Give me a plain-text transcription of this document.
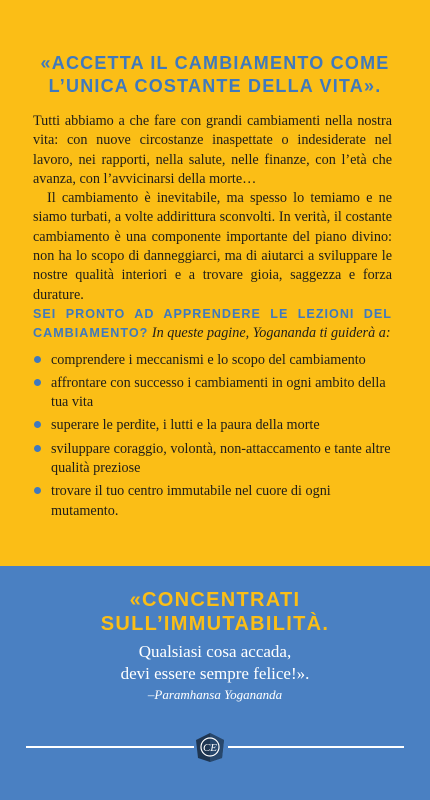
«ACCETTA IL CAMBIAMENTO COME
L’UNICA COSTANTE DELLA VITA».

Tutti abbiamo a che fare con grandi cambiamenti nella nostra vita: con nuove circostanze inaspettate o indesiderate nel lavoro, nei rapporti, nella salute, nelle finanze, con l’età che avanza, con l’avvicinarsi della morte…

Il cambiamento è inevitabile, ma spesso lo temiamo e ne siamo turbati, a volte addirittura sconvolti. In verità, il costante cambiamento è una componente importante del piano divino: non ha lo scopo di danneggiarci, ma di aiutarci a sviluppare le nostre qualità interiori e a trovare gioia, saggezza e forza durature.

SEI PRONTO AD APPRENDERE LE LEZIONI DEL CAMBIAMENTO? In queste pagine, Yogananda ti guiderà a:

comprendere i meccanismi e lo scopo del cambiamento
affrontare con successo i cambiamenti in ogni ambito della tua vita
superare le perdite, i lutti e la paura della morte
sviluppare coraggio, volontà, non-attaccamento e tante altre qualità preziose
trovare il tuo centro immutabile nel cuore di ogni mutamento.
«CONCENTRATI
SULL’IMMUTABILITÀ.
Qualsiasi cosa accada,
devi essere sempre felice!».
–Paramhansa Yogananda
CE
